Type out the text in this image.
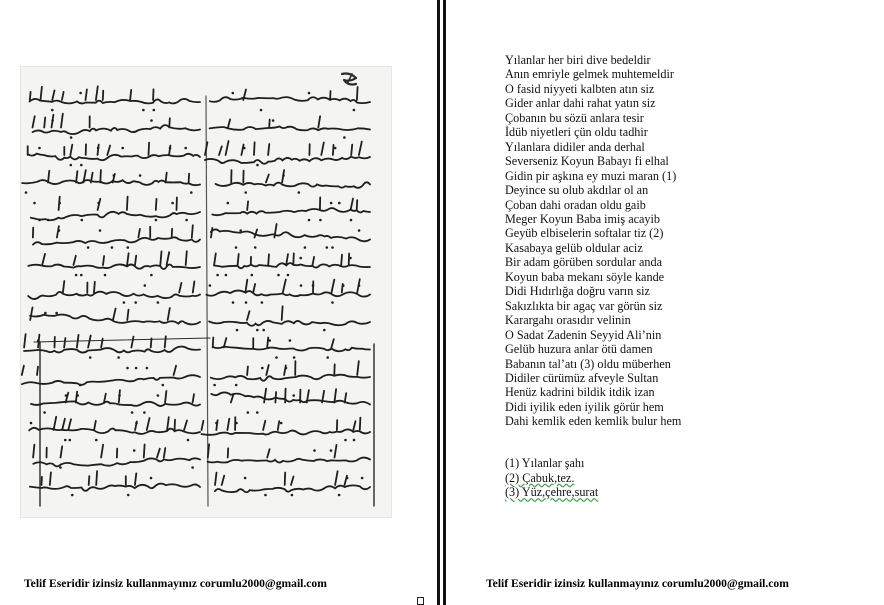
Yılanlar her biri dive bedeldir
Anın emriyle gelmek muhtemeldir
O fasid niyyeti kalbten atın siz
Gider anlar dahi rahat yatın siz
Çobanın bu sözü anlara tesir
İdüb niyetleri çün oldu tadhir
Yılanlara didiler anda derhal
Severseniz Koyun Babayı fi elhal
Gidin pir aşkına ey muzi maran (1)
Deyince su olub akdılar ol an
Çoban dahi oradan oldu gaib
Meger Koyun Baba imiş acayib
Geyüb elbiselerin softalar tiz (2)
Kasabaya gelüb oldular aciz
Bir adam görüben sordular anda
Koyun baba mekanı söyle kande
Didi Hıdırlığa doğru varın siz
Sakızlıkta bir agaç var görün siz
Karargahı orasıdır velinin
O Sadat Zadenin Seyyid Ali’nin
Gelüb huzura anlar ötü damen
Babanın tal’atı (3) oldu müberhen
Didiler cürümüz afveyle Sultan
Henüz kadrini bildik itdik izan
Didi iyilik eden iyilik görür hem
Dahi kemlik eden kemlik bulur hem
(1) Yılanlar şahı
(2) Çabuk,tez.
(3) Yüz,çehre,surat
Telif Eseridir izinsiz kullanmayınız corumlu2000@gmail.com	Telif Eseridir izinsiz kullanmayınız corumlu2000@gmail.com
